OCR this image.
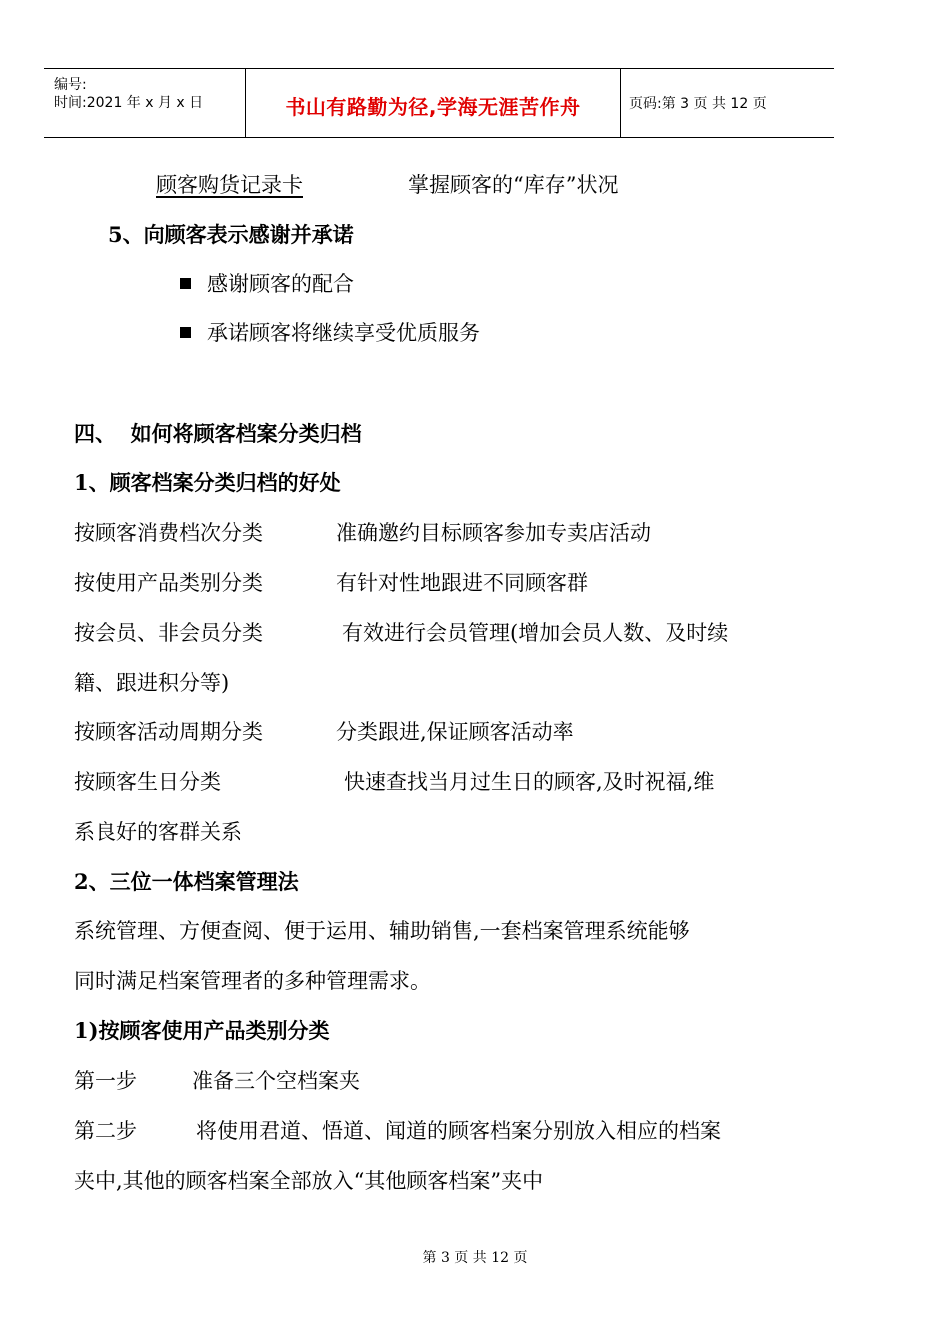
编号:
时间:2021 年 x 月 x 日	书山有路勤为径,学海无涯苦作舟	页码:第 3 页 共 12 页
顾客购货记录卡	掌握顾客的“库存”状况
5、向顾客表示感谢并承诺
感谢顾客的配合
承诺顾客将继续享受优质服务
四、  如何将顾客档案分类归档
1、顾客档案分类归档的好处
按顾客消费档次分类	准确邀约目标顾客参加专卖店活动
按使用产品类别分类	有针对性地跟进不同顾客群
按会员、非会员分类	有效进行会员管理(增加会员人数、及时续
籍、跟进积分等)
按顾客活动周期分类	分类跟进,保证顾客活动率
按顾客生日分类	快速查找当月过生日的顾客,及时祝福,维
系良好的客群关系
2、三位一体档案管理法
系统管理、方便查阅、便于运用、辅助销售,一套档案管理系统能够
同时满足档案管理者的多种管理需求。
1)按顾客使用产品类别分类
第一步	准备三个空档案夹
第二步	将使用君道、悟道、闻道的顾客档案分别放入相应的档案
夹中,其他的顾客档案全部放入“其他顾客档案”夹中
第 3 页 共 12 页
